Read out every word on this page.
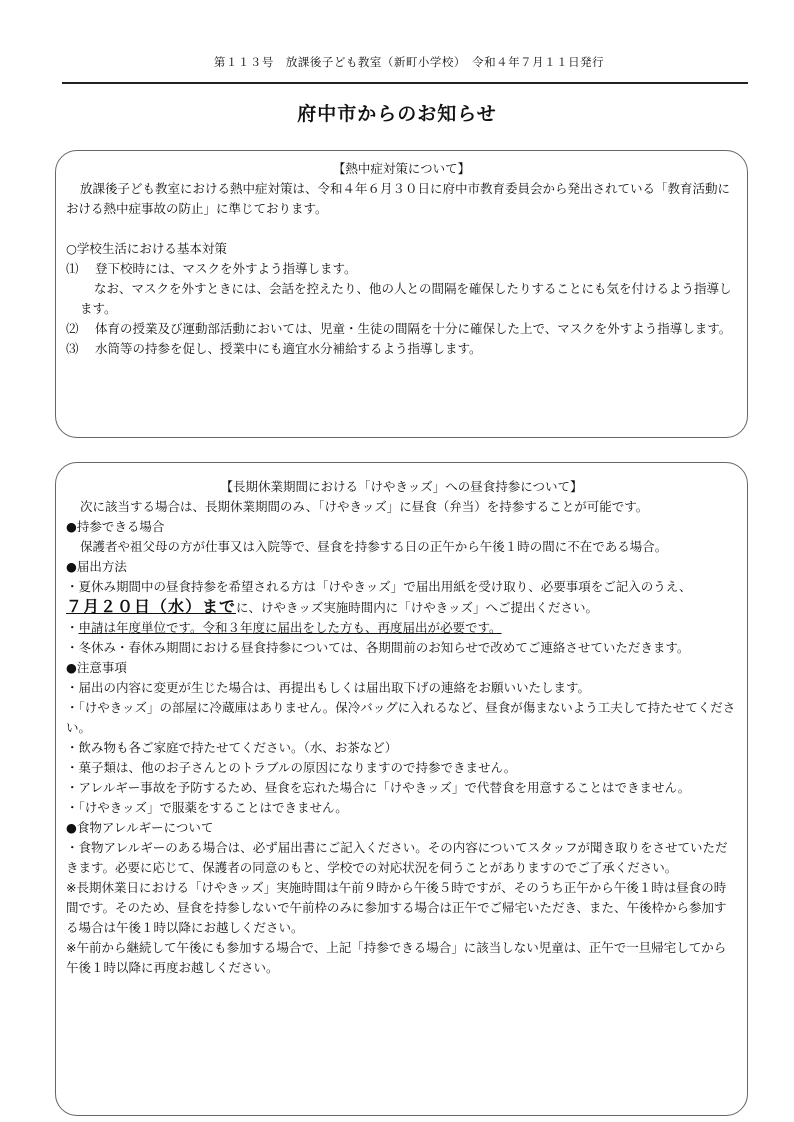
第１１３号　放課後子ども教室（新町小学校）　令和４年７月１１日発行
府中市からのお知らせ

【熱中症対策について】

放課後子ども教室における熱中症対策は、令和４年６月３０日に府中市教育委員会から発出されている「教育活動における熱中症事故の防止」に準じております。

○学校生活における基本対策

⑴　 登下校時には、マスクを外すよう指導します。

なお、マスクを外すときには、会話を控えたり、他の人との間隔を確保したりすることにも気を付けるよう指導します。

⑵　 体育の授業及び運動部活動においては、児童・生徒の間隔を十分に確保した上で、マスクを外すよう指導します。

⑶　 水筒等の持参を促し、授業中にも適宜水分補給するよう指導します。

【長期休業期間における「けやきッズ」への昼食持参について】

次に該当する場合は、長期休業期間のみ、「けやきッズ」に昼食（弁当）を持参することが可能です。

●持参できる場合

保護者や祖父母の方が仕事又は入院等で、昼食を持参する日の正午から午後１時の間に不在である場合。

●届出方法

・夏休み期間中の昼食持参を希望される方は「けやきッズ」で届出用紙を受け取り、必要事項をご記入のうえ、

７月２０日（水）までに、けやきッズ実施時間内に「けやきッズ」へご提出ください。

・申請は年度単位です。令和３年度に届出をした方も、再度届出が必要です。

・冬休み・春休み期間における昼食持参については、各期間前のお知らせで改めてご連絡させていただきます。

●注意事項

・届出の内容に変更が生じた場合は、再提出もしくは届出取下げの連絡をお願いいたします。

・「けやきッズ」の部屋に冷蔵庫はありません。保冷バッグに入れるなど、昼食が傷まないよう工夫して持たせてください。

・飲み物も各ご家庭で持たせてください。（水、お茶など）

・菓子類は、他のお子さんとのトラブルの原因になりますので持参できません。

・アレルギー事故を予防するため、昼食を忘れた場合に「けやきッズ」で代替食を用意することはできません。

・「けやきッズ」で服薬をすることはできません。

●食物アレルギーについて

・食物アレルギーのある場合は、必ず届出書にご記入ください。その内容についてスタッフが聞き取りをさせていただきます。必要に応じて、保護者の同意のもと、学校での対応状況を伺うことがありますのでご了承ください。

※長期休業日における「けやきッズ」実施時間は午前９時から午後５時ですが、そのうち正午から午後１時は昼食の時間です。そのため、昼食を持参しないで午前枠のみに参加する場合は正午でご帰宅いただき、また、午後枠から参加する場合は午後１時以降にお越しください。

※午前から継続して午後にも参加する場合で、上記「持参できる場合」に該当しない児童は、正午で一旦帰宅してから午後１時以降に再度お越しください。
